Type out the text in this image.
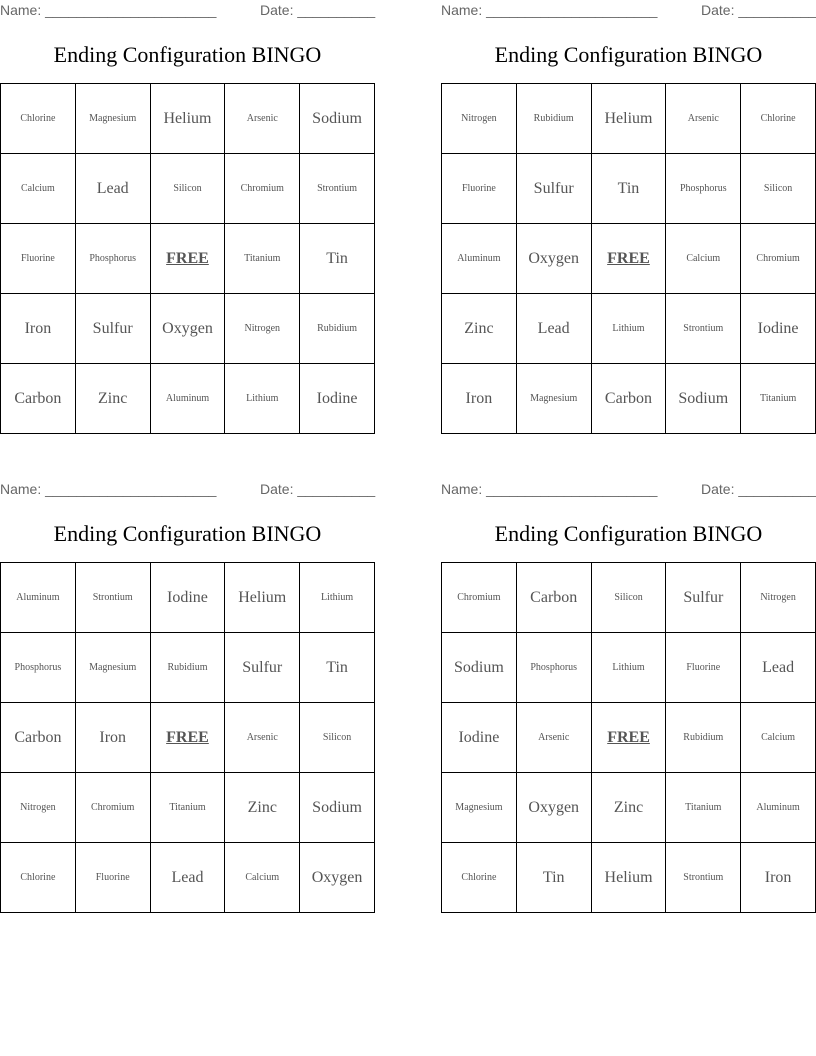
Name: ______________________	Date: __________
Ending Configuration BINGO
Chlorine	Magnesium	Helium	Arsenic	Sodium
Calcium	Lead	Silicon	Chromium	Strontium
Fluorine	Phosphorus	FREE	Titanium	Tin
Iron	Sulfur	Oxygen	Nitrogen	Rubidium
Carbon	Zinc	Aluminum	Lithium	Iodine
Name: ______________________	Date: __________
Ending Configuration BINGO
Nitrogen	Rubidium	Helium	Arsenic	Chlorine
Fluorine	Sulfur	Tin	Phosphorus	Silicon
Aluminum	Oxygen	FREE	Calcium	Chromium
Zinc	Lead	Lithium	Strontium	Iodine
Iron	Magnesium	Carbon	Sodium	Titanium
Name: ______________________	Date: __________
Ending Configuration BINGO
Aluminum	Strontium	Iodine	Helium	Lithium
Phosphorus	Magnesium	Rubidium	Sulfur	Tin
Carbon	Iron	FREE	Arsenic	Silicon
Nitrogen	Chromium	Titanium	Zinc	Sodium
Chlorine	Fluorine	Lead	Calcium	Oxygen
Name: ______________________	Date: __________
Ending Configuration BINGO
Chromium	Carbon	Silicon	Sulfur	Nitrogen
Sodium	Phosphorus	Lithium	Fluorine	Lead
Iodine	Arsenic	FREE	Rubidium	Calcium
Magnesium	Oxygen	Zinc	Titanium	Aluminum
Chlorine	Tin	Helium	Strontium	Iron
